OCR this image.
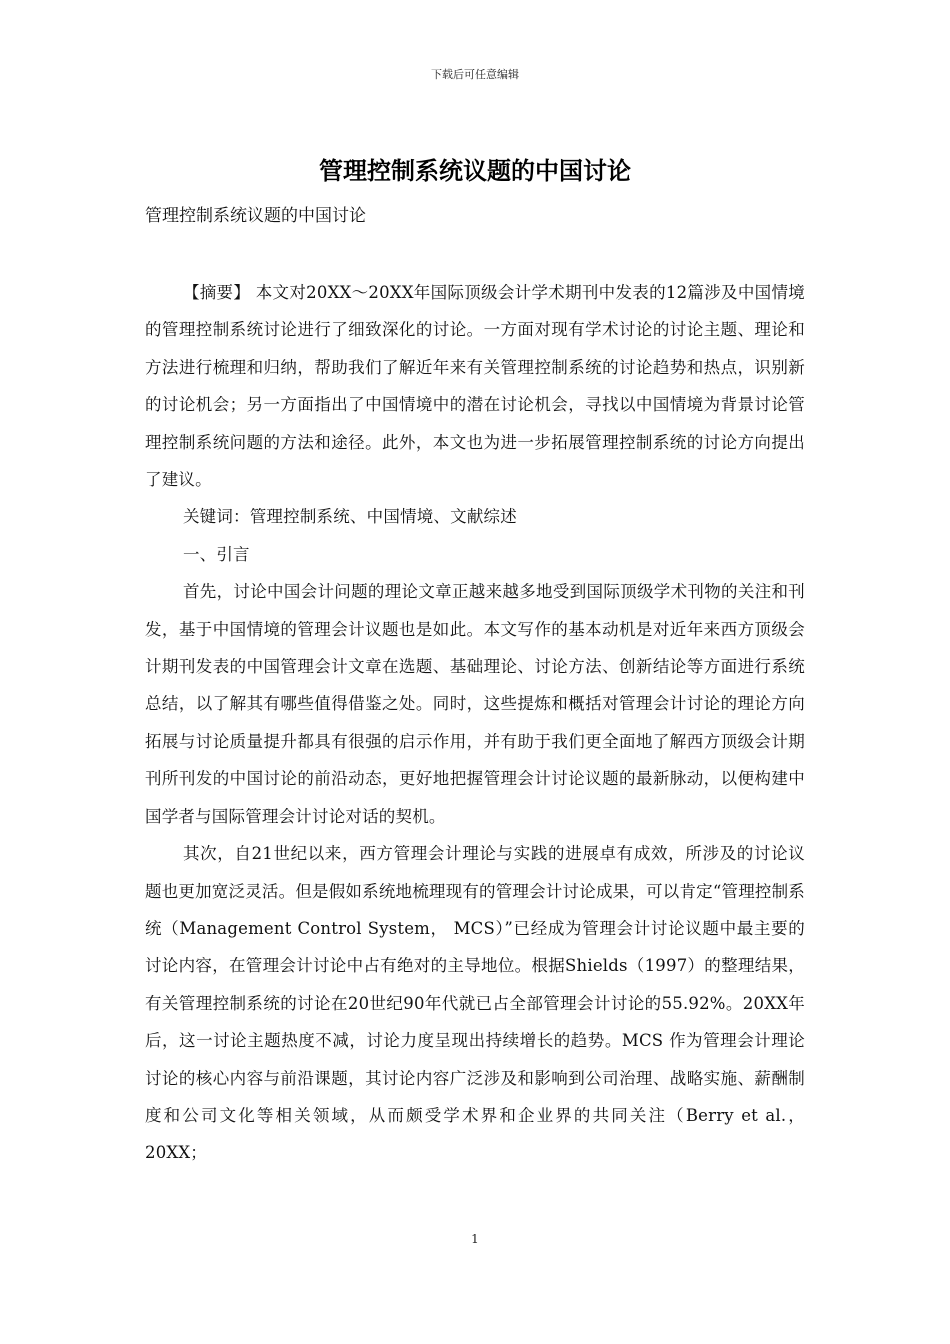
下载后可任意编辑
管理控制系统议题的中国讨论
管理控制系统议题的中国讨论

【摘要】 本文对20XX～20XX年国际顶级会计学术期刊中发表的12篇涉及中国情境的管理控制系统讨论进行了细致深化的讨论。一方面对现有学术讨论的讨论主题、理论和方法进行梳理和归纳，帮助我们了解近年来有关管理控制系统的讨论趋势和热点，识别新的讨论机会；另一方面指出了中国情境中的潜在讨论机会，寻找以中国情境为背景讨论管理控制系统问题的方法和途径。此外，本文也为进一步拓展管理控制系统的讨论方向提出了建议。

关键词：管理控制系统、中国情境、文献综述

一、引言

首先，讨论中国会计问题的理论文章正越来越多地受到国际顶级学术刊物的关注和刊发，基于中国情境的管理会计议题也是如此。本文写作的基本动机是对近年来西方顶级会计期刊发表的中国管理会计文章在选题、基础理论、讨论方法、创新结论等方面进行系统总结，以了解其有哪些值得借鉴之处。同时，这些提炼和概括对管理会计讨论的理论方向拓展与讨论质量提升都具有很强的启示作用，并有助于我们更全面地了解西方顶级会计期刊所刊发的中国讨论的前沿动态，更好地把握管理会计讨论议题的最新脉动，以便构建中国学者与国际管理会计讨论对话的契机。

其次，自21世纪以来，西方管理会计理论与实践的进展卓有成效，所涉及的讨论议题也更加宽泛灵活。但是假如系统地梳理现有的管理会计讨论成果，可以肯定“管理控制系统（Management Control System， MCS）”已经成为管理会计讨论议题中最主要的讨论内容，在管理会计讨论中占有绝对的主导地位。根据Shields（1997）的整理结果，有关管理控制系统的讨论在20世纪90年代就已占全部管理会计讨论的55.92%。20XX年后，这一讨论主题热度不减，讨论力度呈现出持续增长的趋势。MCS 作为管理会计理论讨论的核心内容与前沿课题，其讨论内容广泛涉及和影响到公司治理、战略实施、薪酬制度和公司文化等相关领域，从而颇受学术界和企业界的共同关注（Berry et al.， 20XX；

1
